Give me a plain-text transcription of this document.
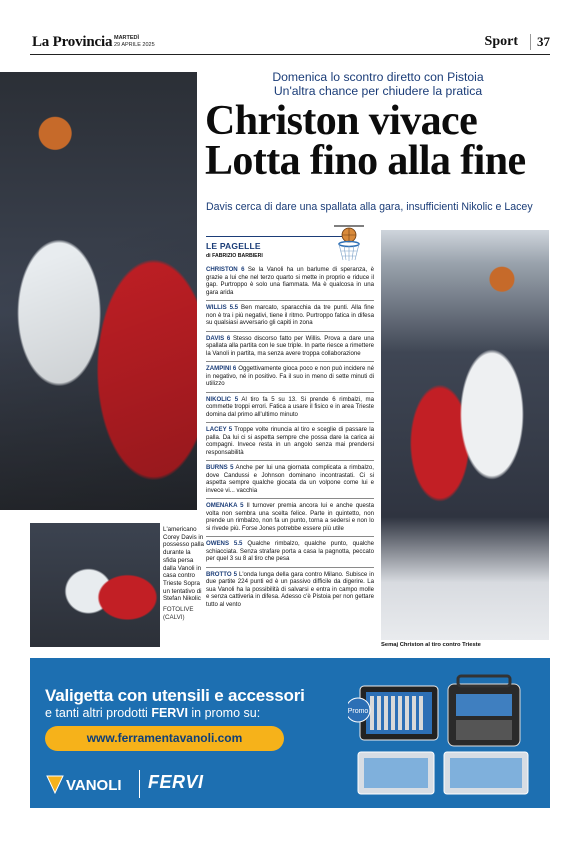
La Provincia MARTEDÌ
29 APRILE 2025	Sport	37
L'americano Corey Davis in possesso palla durante la sfida persa dalla Vanoli in casa contro Trieste Sopra un tentativo di Stefan Nikolic
FOTOLIVE (CALVI)
Semaj Christon al tiro contro Trieste
Domenica lo scontro diretto con Pistoia
Un'altra chance per chiudere la pratica
Christon vivace
Lotta fino alla fine
Davis cerca di dare una spallata alla gara, insufficienti Nikolic e Lacey
LE PAGELLE
di FABRIZIO BARBIERI
CHRISTON 6 Se la Vanoli ha un barlume di speranza, è grazie a lui che nel terzo quarto si mette in proprio e riduce il gap. Purtroppo è solo una fiammata. Ma è qualcosa in una gara arida
WILLIS 5.5 Ben marcato, sparacchia da tre punti. Alla fine non è tra i più negativi, tiene il ritmo. Purtroppo fatica in difesa su qualsiasi avversario gli capiti in zona
DAVIS 6 Stesso discorso fatto per Willis. Prova a dare una spallata alla partita con le sue triple. In parte riesce a rimettere la Vanoli in partita, ma senza avere troppa collaborazione
ZAMPINI 6 Oggettivamente gioca poco e non può incidere né in negativo, né in positivo. Fa il suo in meno di sette minuti di utilizzo
NIKOLIC 5 Al tiro fa 5 su 13. Si prende 6 rimbalzi, ma commette troppi errori. Fatica a usare il fisico e in area Trieste domina dal primo all'ultimo minuto
LACEY 5 Troppe volte rinuncia al tiro e sceglie di passare la palla. Da lui ci si aspetta sempre che possa dare la carica ai compagni. Invece resta in un angolo senza mai prendersi responsabilità
BURNS 5 Anche per lui una giornata complicata a rimbalzo, dove Candussi e Johnson dominano incontrastati. Ci si aspetta sempre qualche giocata da un volpone come lui e invece vi... vacchia
OMENAKA 5 Il turnover premia ancora lui e anche questa volta non sembra una scelta felice. Parte in quintetto, non prende un rimbalzo, non fa un punto, torna a sedersi e non lo si rivede più. Forse Jones potrebbe essere più utile
OWENS 5.5 Qualche rimbalzo, qualche punto, qualche schiacciata. Senza strafare porta a casa la pagnotta, peccato per quel 3 su 8 al tiro che pesa
BROTTO 5 L'onda lunga della gara contro Milano. Subisce in due partite 224 punti ed è un passivo difficile da digerire. La sua Vanoli ha la possibilità di salvarsi e entra in campo molle e senza cattiveria in difesa. Adesso c'è Pistoia per non gettare tutto al vento
Valigetta con utensili e accessori
e tanti altri prodotti FERVI in promo su:
www.ferramentavanoli.com
VANOLI FERVI
Promo
